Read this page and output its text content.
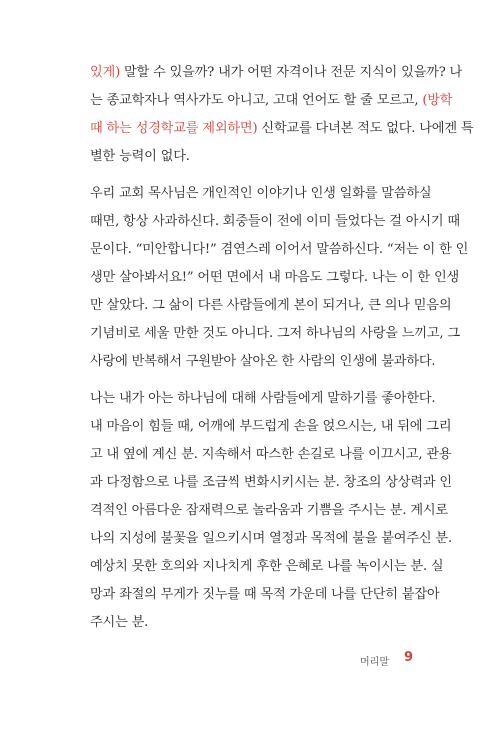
있게) 말할 수 있을까? 내가 어떤 자격이나 전문 지식이 있을까? 나
는 종교학자나 역사가도 아니고, 고대 언어도 할 줄 모르고, (방학
때 하는 성경학교를 제외하면) 신학교를 다녀본 적도 없다. 나에겐 특
별한 능력이 없다.
우리 교회 목사님은 개인적인 이야기나 인생 일화를 말씀하실
때면, 항상 사과하신다. 회중들이 전에 이미 들었다는 걸 아시기 때
문이다. “미안합니다!” 겸연스레 이어서 말씀하신다. “저는 이 한 인
생만 살아봐서요!” 어떤 면에서 내 마음도 그렇다. 나는 이 한 인생
만 살았다. 그 삶이 다른 사람들에게 본이 되거나, 큰 의나 믿음의
기념비로 세울 만한 것도 아니다. 그저 하나님의 사랑을 느끼고, 그
사랑에 반복해서 구원받아 살아온 한 사람의 인생에 불과하다.
나는 내가 아는 하나님에 대해 사람들에게 말하기를 좋아한다.
내 마음이 힘들 때, 어깨에 부드럽게 손을 얹으시는, 내 뒤에 그리
고 내 옆에 계신 분. 지속해서 따스한 손길로 나를 이끄시고, 관용
과 다정함으로 나를 조금씩 변화시키시는 분. 창조의 상상력과 인
격적인 아름다운 잠재력으로 놀라움과 기쁨을 주시는 분. 계시로
나의 지성에 불꽃을 일으키시며 열정과 목적에 불을 붙여주신 분.
예상치 못한 호의와 지나치게 후한 은혜로 나를 녹이시는 분. 실
망과 좌절의 무게가 짓누를 때 목적 가운데 나를 단단히 붙잡아
주시는 분.
머리말 9
